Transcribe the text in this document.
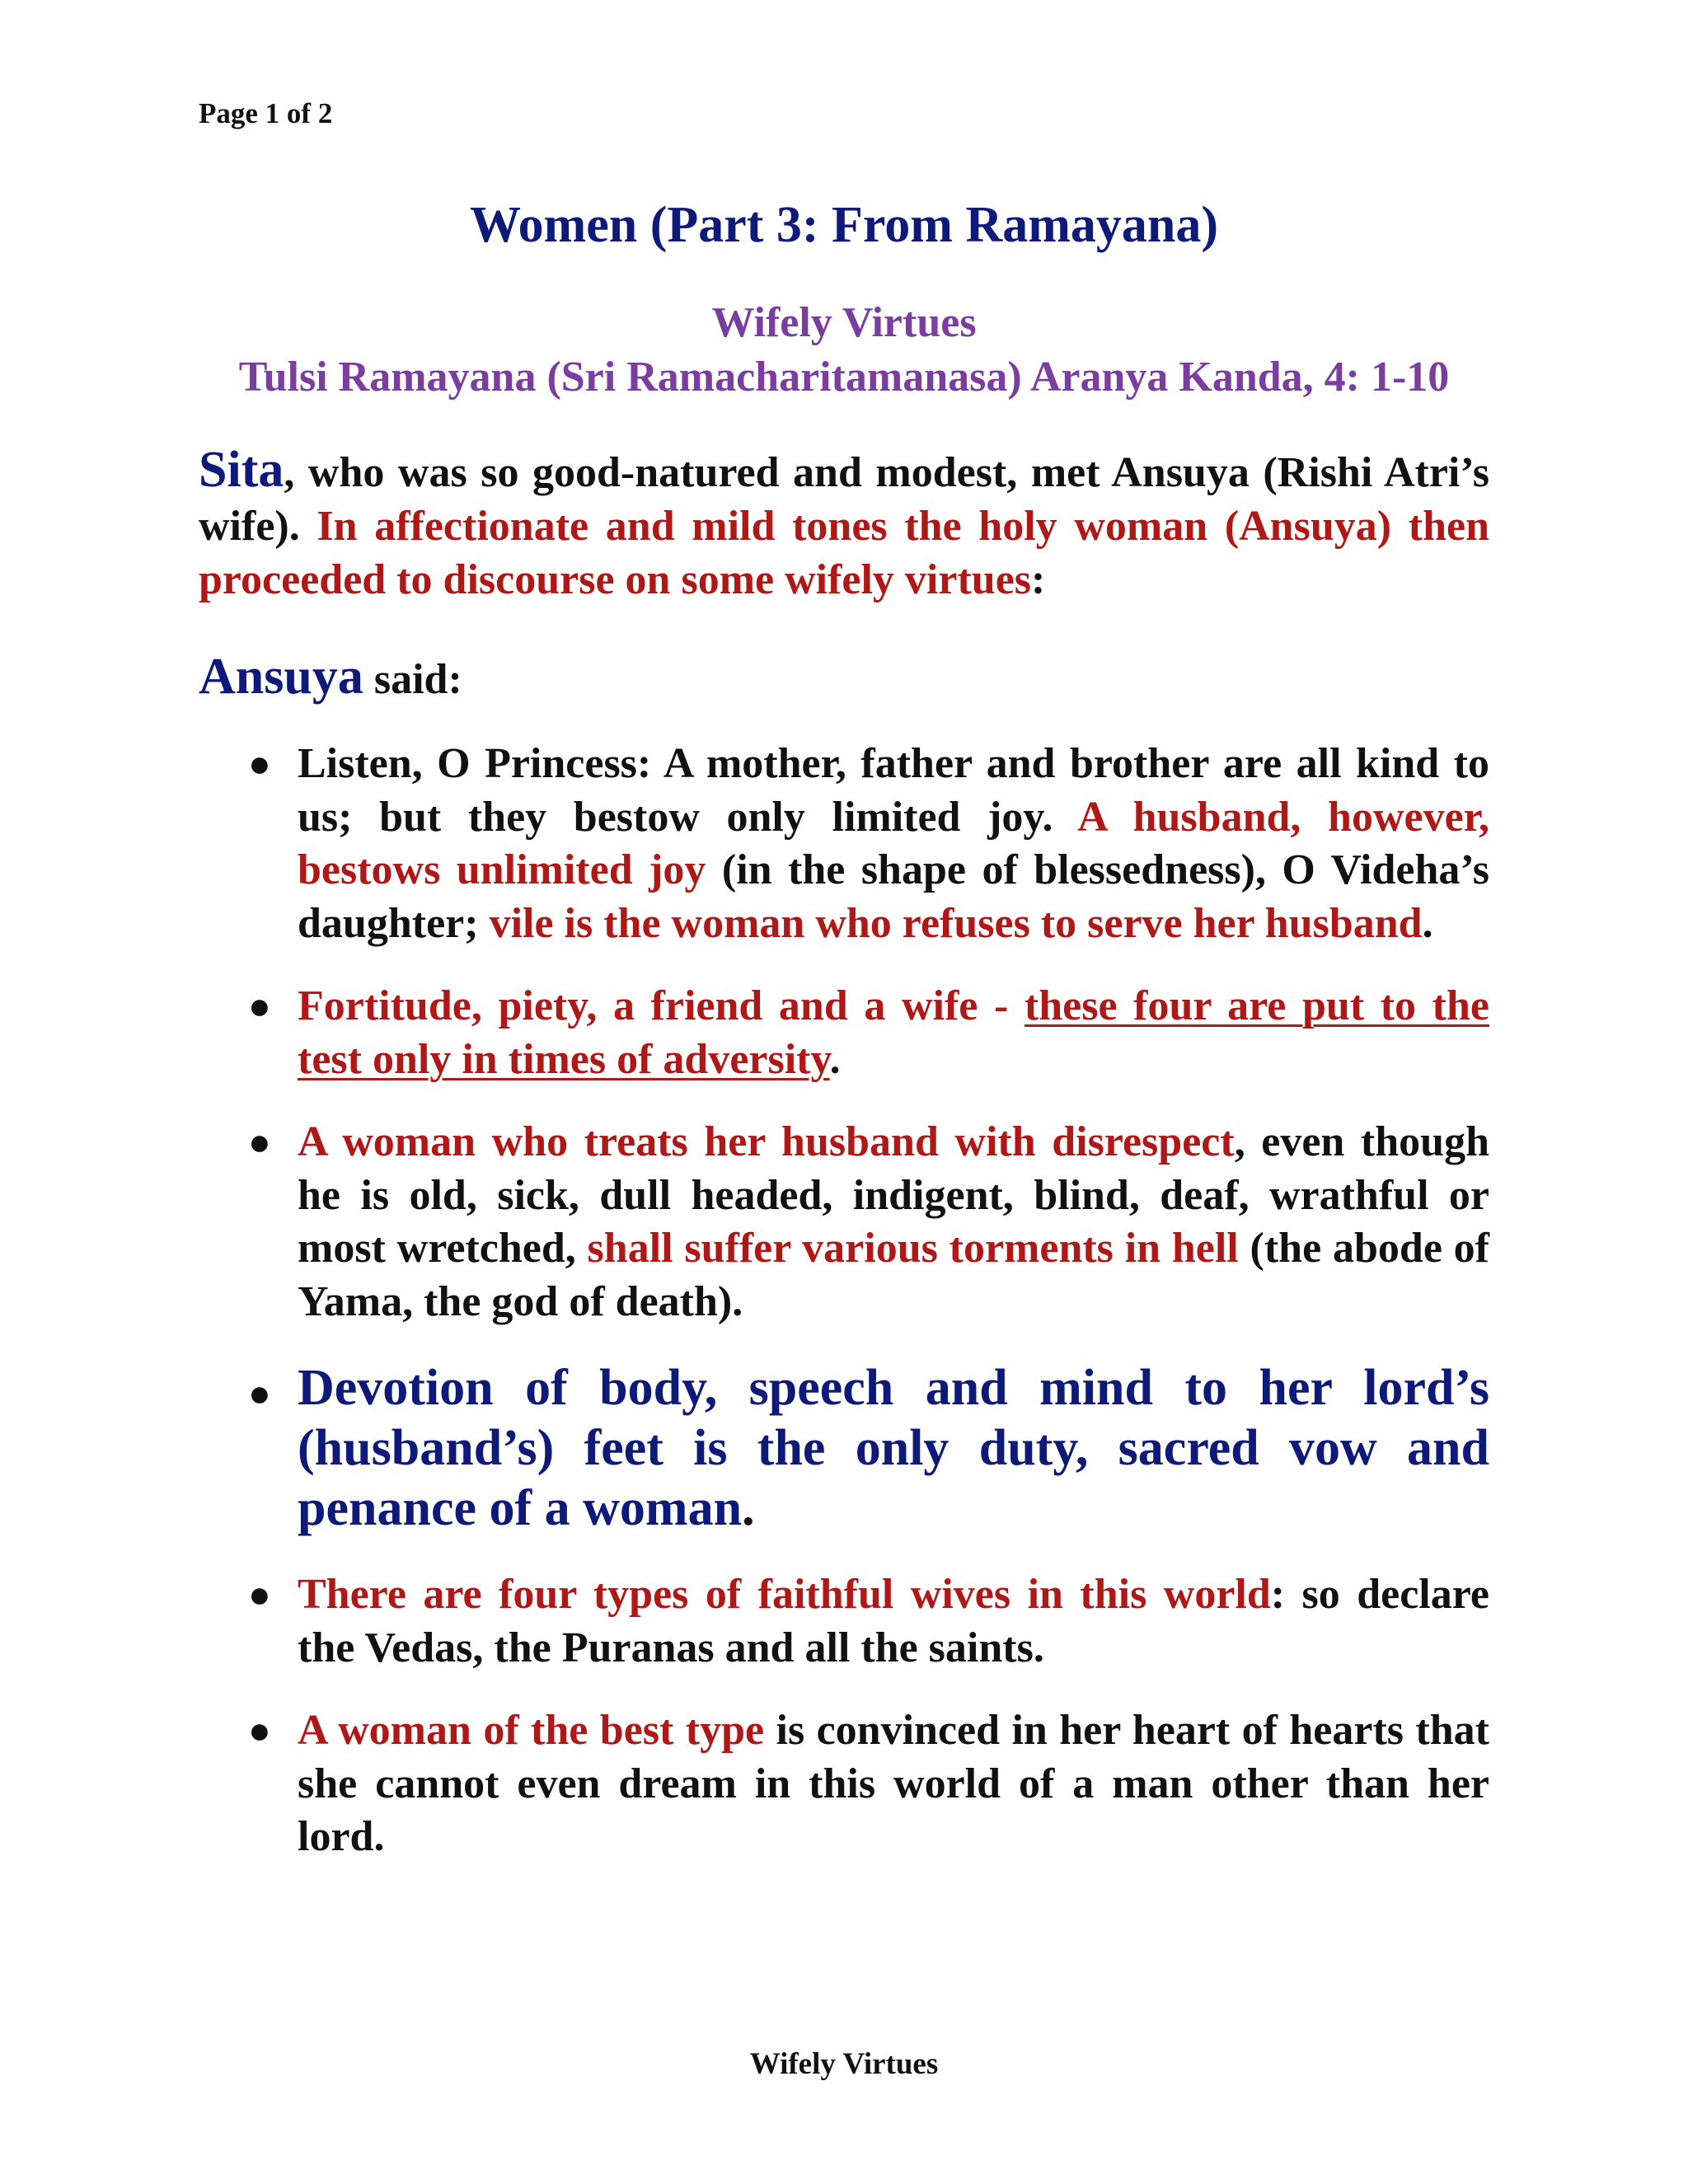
Page 1 of 2
Women (Part 3: From Ramayana)
Wifely Virtues
Tulsi Ramayana (Sri Ramacharitamanasa) Aranya Kanda, 4: 1-10
Sita, who was so good-natured and modest, met Ansuya (Rishi Atri’s wife). In affectionate and mild tones the holy woman (Ansuya) then proceeded to discourse on some wifely virtues:
Ansuya said:
● Listen, O Princess: A mother, father and brother are all kind to us; but they bestow only limited joy. A husband, however, bestows unlimited joy (in the shape of blessedness), O Videha’s daughter; vile is the woman who refuses to serve her husband.
● Fortitude, piety, a friend and a wife - these four are put to the test only in times of adversity.
● A woman who treats her husband with disrespect, even though he is old, sick, dull headed, indigent, blind, deaf, wrathful or most wretched, shall suffer various torments in hell (the abode of Yama, the god of death).
● Devotion of body, speech and mind to her lord’s (husband’s) feet is the only duty, sacred vow and penance of a woman.
● There are four types of faithful wives in this world: so declare the Vedas, the Puranas and all the saints.
● A woman of the best type is convinced in her heart of hearts that she cannot even dream in this world of a man other than her lord.
Wifely Virtues
